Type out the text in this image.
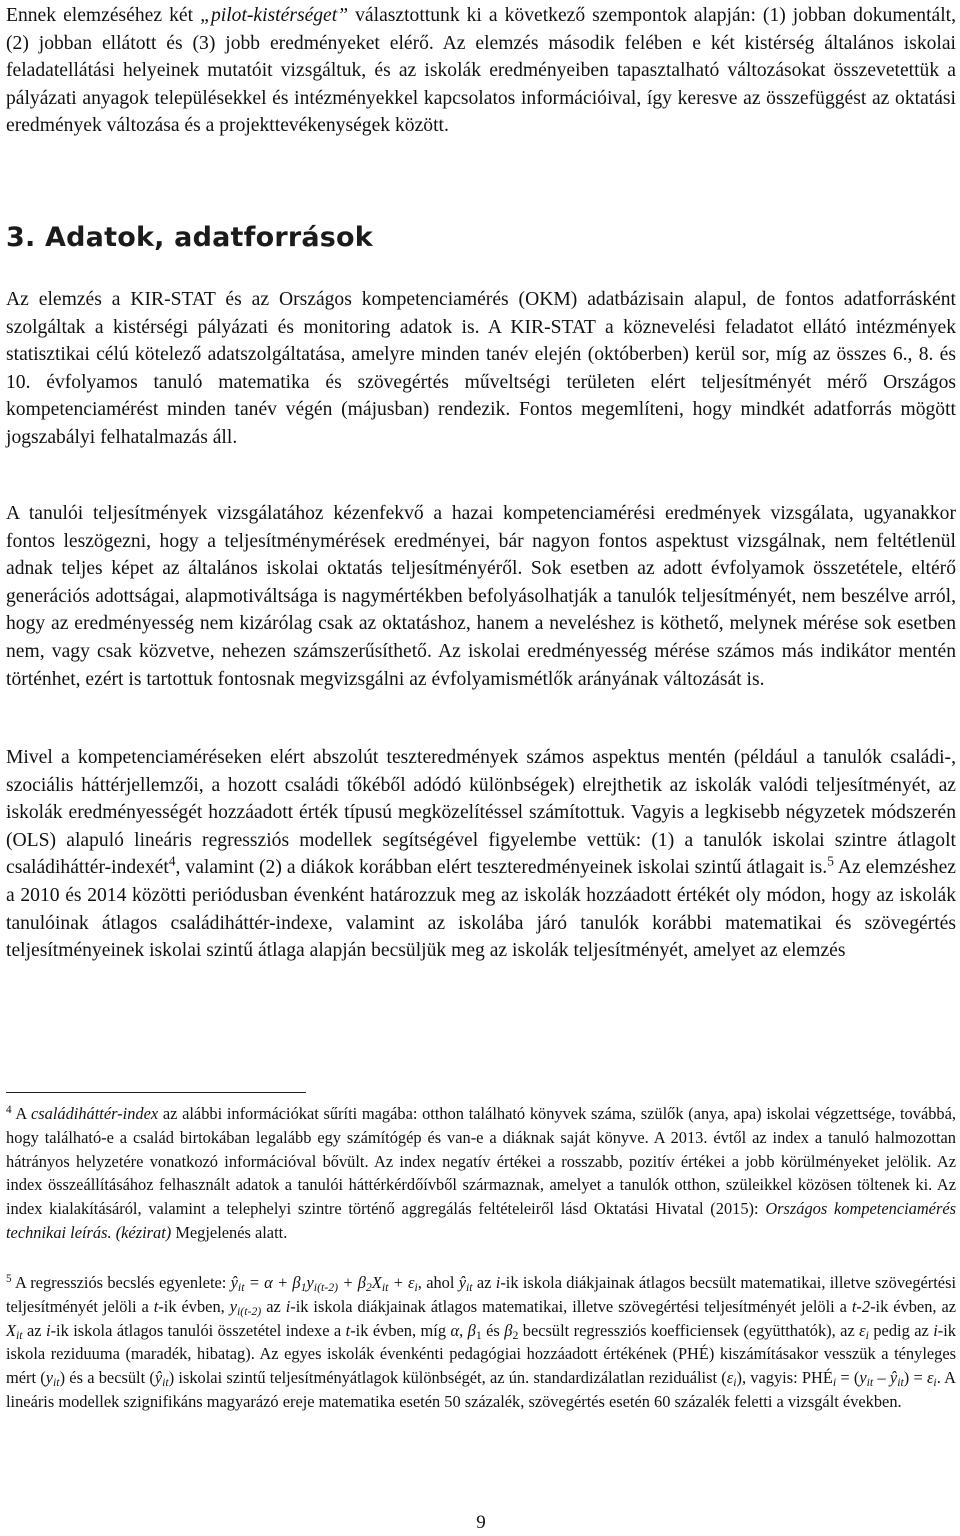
Ennek elemzéséhez két „pilot-kistérséget” választottunk ki a következő szempontok alapján: (1) jobban dokumentált, (2) jobban ellátott és (3) jobb eredményeket elérő. Az elemzés második felében e két kistérség általános iskolai feladatellátási helyeinek mutatóit vizsgáltuk, és az iskolák eredményeiben tapasztalható változásokat összevetettük a pályázati anyagok településekkel és intézményekkel kapcsolatos információival, így keresve az összefüggést az oktatási eredmények változása és a projekttevékenységek között.

3. Adatok, adatforrások

Az elemzés a KIR-STAT és az Országos kompetenciamérés (OKM) adatbázisain alapul, de fontos adatforrásként szolgáltak a kistérségi pályázati és monitoring adatok is. A KIR-STAT a köznevelési feladatot ellátó intézmények statisztikai célú kötelező adatszolgáltatása, amelyre minden tanév elején (októberben) kerül sor, míg az összes 6., 8. és 10. évfolyamos tanuló matematika és szövegértés műveltségi területen elért teljesítményét mérő Országos kompetenciamérést minden tanév végén (májusban) rendezik. Fontos megemlíteni, hogy mindkét adatforrás mögött jogszabályi felhatalmazás áll.

A tanulói teljesítmények vizsgálatához kézenfekvő a hazai kompetenciamérési eredmények vizsgálata, ugyanakkor fontos leszögezni, hogy a teljesítménymérések eredményei, bár nagyon fontos aspektust vizsgálnak, nem feltétlenül adnak teljes képet az általános iskolai oktatás teljesítményéről. Sok esetben az adott évfolyamok összetétele, eltérő generációs adottságai, alapmotiváltsága is nagymértékben befolyásolhatják a tanulók teljesítményét, nem beszélve arról, hogy az eredményesség nem kizárólag csak az oktatáshoz, hanem a neveléshez is köthető, melynek mérése sok esetben nem, vagy csak közvetve, nehezen számszerűsíthető. Az iskolai eredményesség mérése számos más indikátor mentén történhet, ezért is tartottuk fontosnak megvizsgálni az évfolyamismétlők arányának változását is.

Mivel a kompetenciaméréseken elért abszolút teszteredmények számos aspektus mentén (például a tanulók családi-, szociális háttérjellemzői, a hozott családi tőkéből adódó különbségek) elrejthetik az iskolák valódi teljesítményét, az iskolák eredményességét hozzáadott érték típusú megközelítéssel számítottuk. Vagyis a legkisebb négyzetek módszerén (OLS) alapuló lineáris regressziós modellek segítségével figyelembe vettük: (1) a tanulók iskolai szintre átlagolt családiháttér-indexét$^4$, valamint (2) a diákok korábban elért teszteredményeinek iskolai szintű átlagait is.$^5$ Az elemzéshez a 2010 és 2014 közötti periódusban évenként határozzuk meg az iskolák hozzáadott értékét oly módon, hogy az iskolák tanulóinak átlagos családiháttér-indexe, valamint az iskolába járó tanulók korábbi matematikai és szövegértés teljesítményeinek iskolai szintű átlaga alapján becsüljük meg az iskolák teljesítményét, amelyet az elemzés

$^4$ A családiháttér-index az alábbi információkat sűríti magába: otthon található könyvek száma, szülők (anya, apa) iskolai végzettsége, továbbá, hogy található-e a család birtokában legalább egy számítógép és van-e a diáknak saját könyve. A 2013. évtől az index a tanuló halmozottan hátrányos helyzetére vonatkozó információval bővült. Az index negatív értékei a rosszabb, pozitív értékei a jobb körülményeket jelölik. Az index összeállításához felhasznált adatok a tanulói háttérkérdőívből származnak, amelyet a tanulók otthon, szüleikkel közösen töltenek ki. Az index kialakításáról, valamint a telephelyi szintre történő aggregálás feltételeiről lásd Oktatási Hivatal (2015): Országos kompetenciamérés technikai leírás. (kézirat) Megjelenés alatt.

$^5$ A regressziós becslés egyenlete: $ŷ_{it} = \alpha + \beta_1y_{i(t-2)} + \beta_2X_{it} + \varepsilon_i$, ahol $ŷ_{it}$ az i-ik iskola diákjainak átlagos becsült matematikai, illetve szövegértési teljesítményét jelöli a t-ik évben, $y_{i(t-2)}$ az i-ik iskola diákjainak átlagos matematikai, illetve szövegértési teljesítményét jelöli a t-2-ik évben, az $X_{it}$ az i-ik iskola átlagos tanulói összetétel indexe a t-ik évben, míg α, $\beta_1$ és $\beta_2$ becsült regressziós koefficiensek (együtthatók), az $\varepsilon_i$ pedig az i-ik iskola reziduuma (maradék, hibatag). Az egyes iskolák évenkénti pedagógiai hozzáadott értékének (PHÉ) kiszámításakor vesszük a tényleges mért $(y_{it})$ és a becsült $(ŷ_{it})$ iskolai szintű teljesítményátlagok különbségét, az ún. standardizálatlan reziduálist $(\varepsilon_i)$, vagyis: $PHÉ_i = (y_{it}$ – $ŷ_{it}) = \varepsilon_i$. A lineáris modellek szignifikáns magyarázó ereje matematika esetén 50 százalék, szövegértés esetén 60 százalék feletti a vizsgált években.

9
